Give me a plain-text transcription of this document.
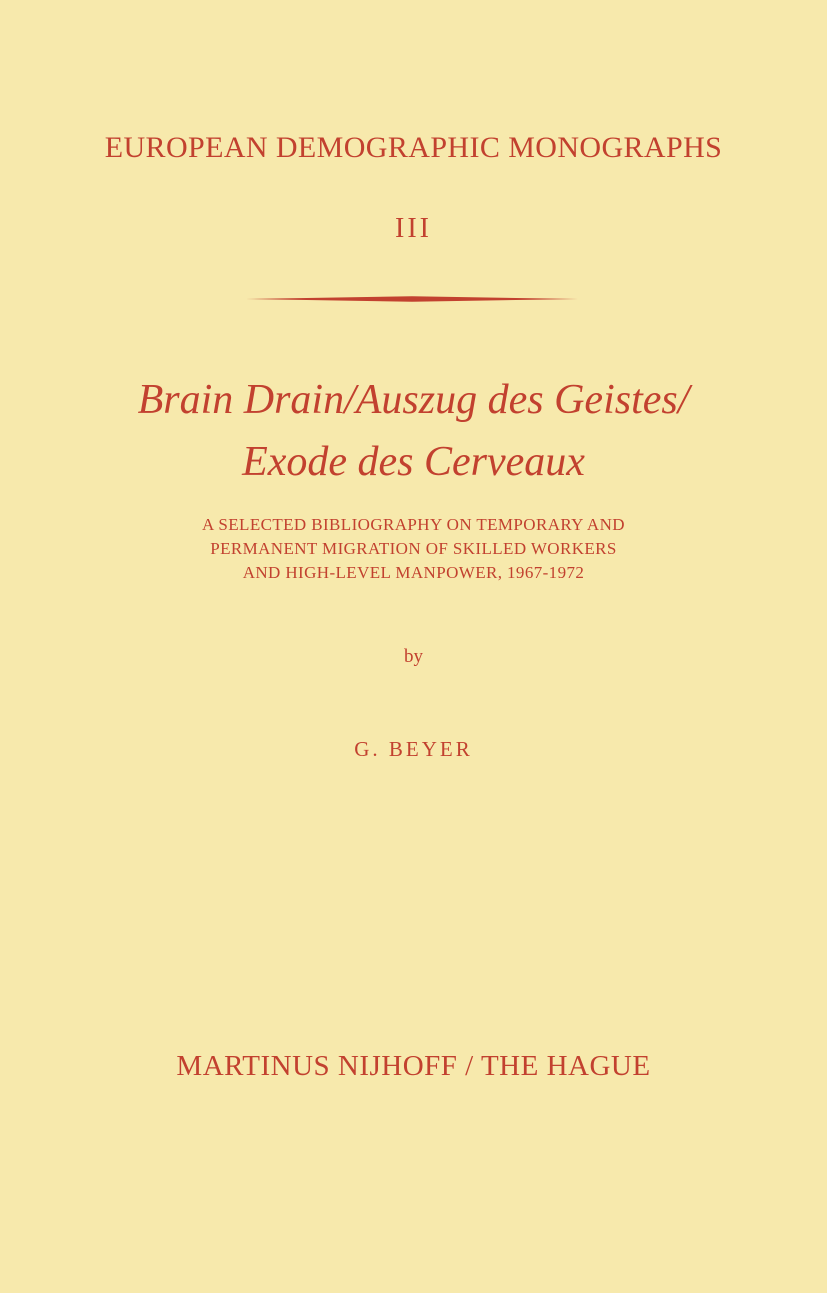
EUROPEAN DEMOGRAPHIC MONOGRAPHS
III
Brain Drain/Auszug des Geistes/
Exode des Cerveaux
A SELECTED BIBLIOGRAPHY ON TEMPORARY AND
PERMANENT MIGRATION OF SKILLED WORKERS
AND HIGH-LEVEL MANPOWER, 1967-1972
by
G. BEYER
MARTINUS NIJHOFF / THE HAGUE
